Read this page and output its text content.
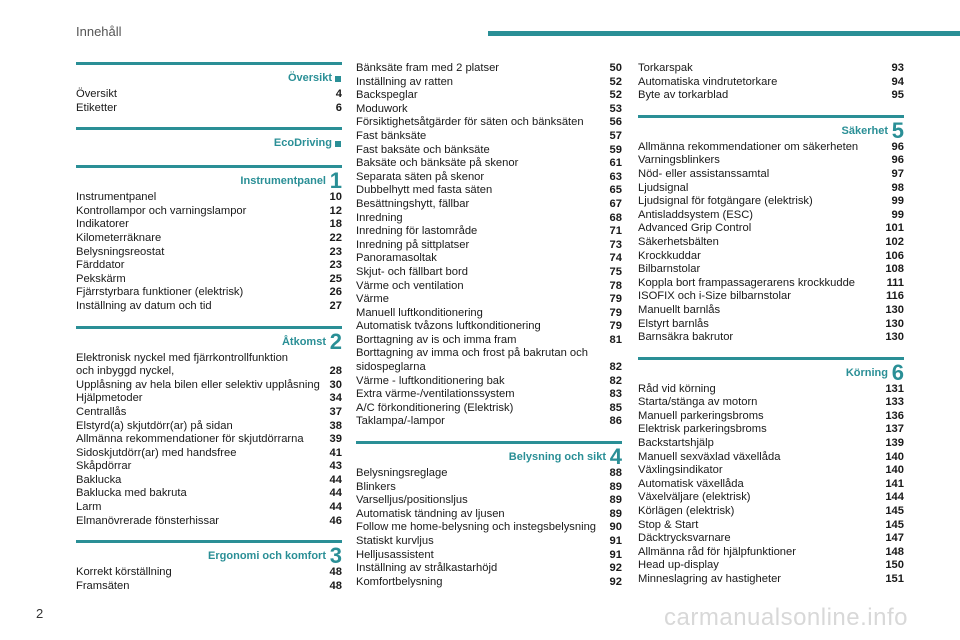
Innehåll
Översikt
Översikt	4
Etiketter	6
EcoDriving
Instrumentpanel 1
Instrumentpanel	10
Kontrollampor och varningslampor	12
Indikatorer	18
Kilometerräknare	22
Belysningsreostat	23
Färddator	23
Pekskärm	25
Fjärrstyrbara funktioner (elektrisk)	26
Inställning av datum och tid	27
Åtkomst 2
Elektronisk nyckel med fjärrkontrollfunktion
och inbyggd nyckel,	28
Upplåsning av hela bilen eller selektiv upplåsning 30
Hjälpmetoder	34
Centrallås	37
Elstyrd(a) skjutdörr(ar) på sidan	38
Allmänna rekommendationer för skjutdörrarna	39
Sidoskjutdörr(ar) med handsfree	41
Skåpdörrar	43
Baklucka	44
Baklucka med bakruta	44
Larm	44
Elmanövrerade fönsterhissar	46
Ergonomi och komfort 3
Korrekt körställning	48
Framsäten	48
Bänksäte fram med 2 platser	50
Inställning av ratten	52
Backspeglar	52
Moduwork	53
Försiktighetsåtgärder för säten och bänksäten	56
Fast bänksäte	57
Fast baksäte och bänksäte	59
Baksäte och bänksäte på skenor	61
Separata säten på skenor	63
Dubbelhytt med fasta säten	65
Besättningshytt, fällbar	67
Inredning	68
Inredning för lastområde	71
Inredning på sittplatser	73
Panoramasoltak	74
Skjut- och fällbart bord	75
Värme och ventilation	78
Värme	79
Manuell luftkonditionering	79
Automatisk tvåzons luftkonditionering	79
Borttagning av is och imma fram	81
Borttagning av imma och frost på bakrutan och
sidospeglarna	82
Värme - luftkonditionering bak	82
Extra värme-/ventilationssystem	83
A/C förkonditionering (Elektrisk)	85
Taklampa/-lampor	86
Belysning och sikt 4
Belysningsreglage	88
Blinkers	89
Varselljus/positionsljus	89
Automatisk tändning av ljusen	89
Follow me home-belysning och instegsbelysning	90
Statiskt kurvljus	91
Helljusassistent	91
Inställning av strålkastarhöjd	92
Komfortbelysning	92
Torkarspak	93
Automatiska vindrutetorkare	94
Byte av torkarblad	95
Säkerhet 5
Allmänna rekommendationer om säkerheten	96
Varningsblinkers	96
Nöd- eller assistanssamtal	97
Ljudsignal	98
Ljudsignal för fotgängare (elektrisk)	99
Antisladdsystem (ESC)	99
Advanced Grip Control	101
Säkerhetsbälten	102
Krockkuddar	106
Bilbarnstolar	108
Koppla bort frampassagerarens krockkudde	111
ISOFIX och i-Size bilbarnstolar	116
Manuellt barnlås	130
Elstyrt barnlås	130
Barnsäkra bakrutor	130
Körning 6
Råd vid körning	131
Starta/stänga av motorn	133
Manuell parkeringsbroms	136
Elektrisk parkeringsbroms	137
Backstartshjälp	139
Manuell sexväxlad växellåda	140
Växlingsindikator	140
Automatisk växellåda	141
Växelväljare (elektrisk)	144
Körlägen (elektrisk)	145
Stop & Start	145
Däcktrycksvarnare	147
Allmänna råd för hjälpfunktioner	148
Head up-display	150
Minneslagring av hastigheter	151
2	carmanualsonline.info
